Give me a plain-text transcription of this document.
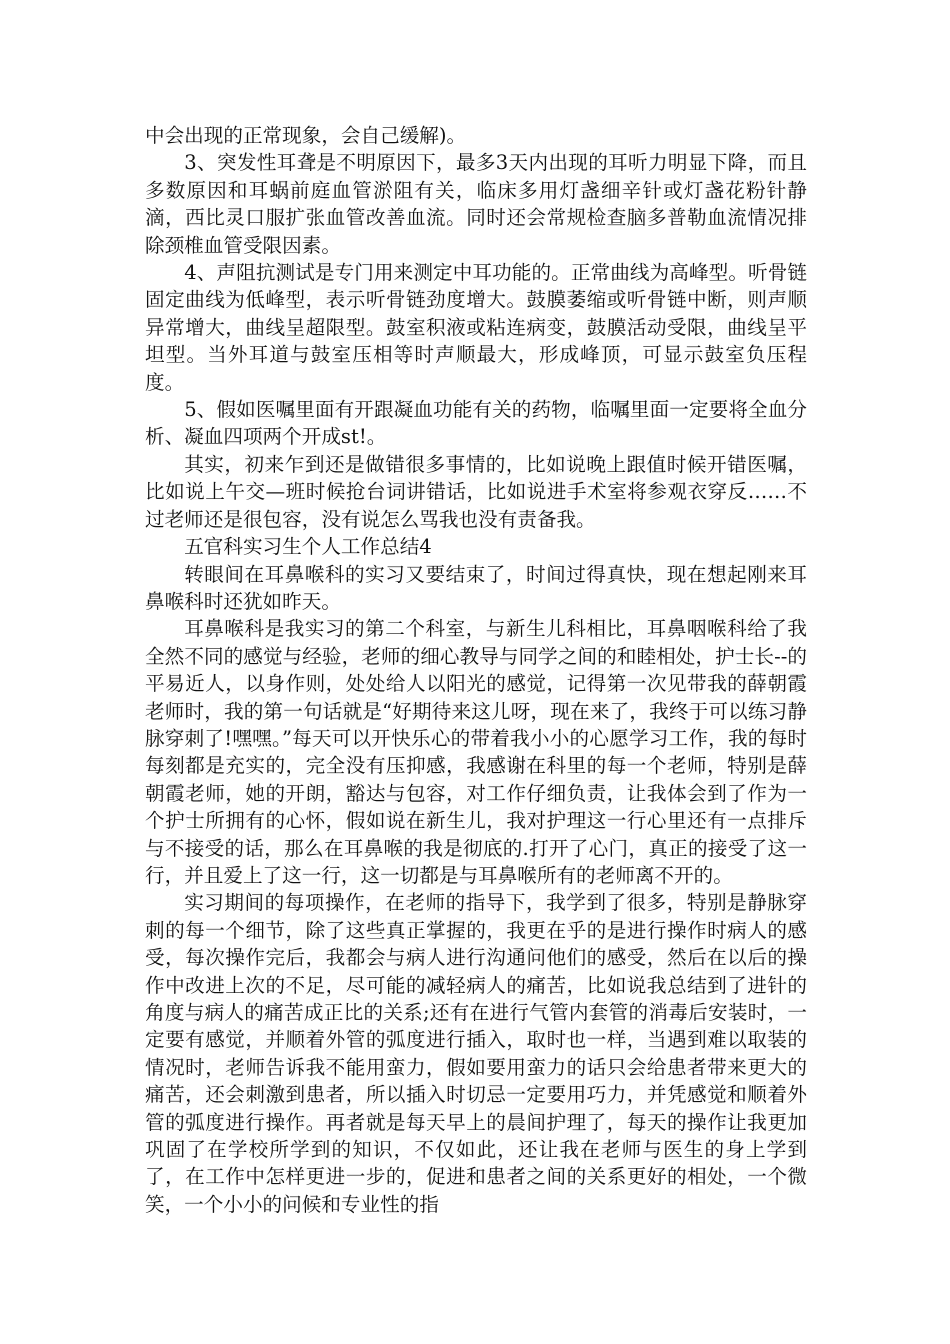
中会出现的正常现象，会自己缓解)。

3、突发性耳聋是不明原因下，最多3天内出现的耳听力明显下降，而且多数原因和耳蜗前庭血管淤阻有关，临床多用灯盏细辛针或灯盏花粉针静滴，西比灵口服扩张血管改善血流。同时还会常规检查脑多普勒血流情况排除颈椎血管受限因素。

4、声阻抗测试是专门用来测定中耳功能的。正常曲线为高峰型。听骨链固定曲线为低峰型，表示听骨链劲度增大。鼓膜萎缩或听骨链中断，则声顺异常增大，曲线呈超限型。鼓室积液或粘连病变，鼓膜活动受限，曲线呈平坦型。当外耳道与鼓室压相等时声顺最大，形成峰顶，可显示鼓室负压程度。

5、假如医嘱里面有开跟凝血功能有关的药物，临嘱里面一定要将全血分析、凝血四项两个开成st!。

其实，初来乍到还是做错很多事情的，比如说晚上跟值时候开错医嘱，比如说上午交—班时候抢台词讲错话，比如说进手术室将参观衣穿反……不过老师还是很包容，没有说怎么骂我也没有责备我。

五官科实习生个人工作总结4

转眼间在耳鼻喉科的实习又要结束了，时间过得真快，现在想起刚来耳鼻喉科时还犹如昨天。

耳鼻喉科是我实习的第二个科室，与新生儿科相比，耳鼻咽喉科给了我全然不同的感觉与经验，老师的细心教导与同学之间的和睦相处，护士长--的平易近人，以身作则，处处给人以阳光的感觉，记得第一次见带我的薛朝霞老师时，我的第一句话就是“好期待来这儿呀，现在来了，我终于可以练习静脉穿刺了!嘿嘿。”每天可以开快乐心的带着我小小的心愿学习工作，我的每时每刻都是充实的，完全没有压抑感，我感谢在科里的每一个老师，特别是薛朝霞老师，她的开朗，豁达与包容，对工作仔细负责，让我体会到了作为一个护士所拥有的心怀，假如说在新生儿，我对护理这一行心里还有一点排斥与不接受的话，那么在耳鼻喉的我是彻底的.打开了心门，真正的接受了这一行，并且爱上了这一行，这一切都是与耳鼻喉所有的老师离不开的。

实习期间的每项操作，在老师的指导下，我学到了很多，特别是静脉穿刺的每一个细节，除了这些真正掌握的，我更在乎的是进行操作时病人的感受，每次操作完后，我都会与病人进行沟通问他们的感受，然后在以后的操作中改进上次的不足，尽可能的减轻病人的痛苦，比如说我总结到了进针的角度与病人的痛苦成正比的关系;还有在进行气管内套管的消毒后安装时，一定要有感觉，并顺着外管的弧度进行插入，取时也一样，当遇到难以取装的情况时，老师告诉我不能用蛮力，假如要用蛮力的话只会给患者带来更大的痛苦，还会刺激到患者，所以插入时切忌一定要用巧力，并凭感觉和顺着外管的弧度进行操作。再者就是每天早上的晨间护理了，每天的操作让我更加巩固了在学校所学到的知识，不仅如此，还让我在老师与医生的身上学到了，在工作中怎样更进一步的，促进和患者之间的关系更好的相处，一个微笑，一个小小的问候和专业性的指
